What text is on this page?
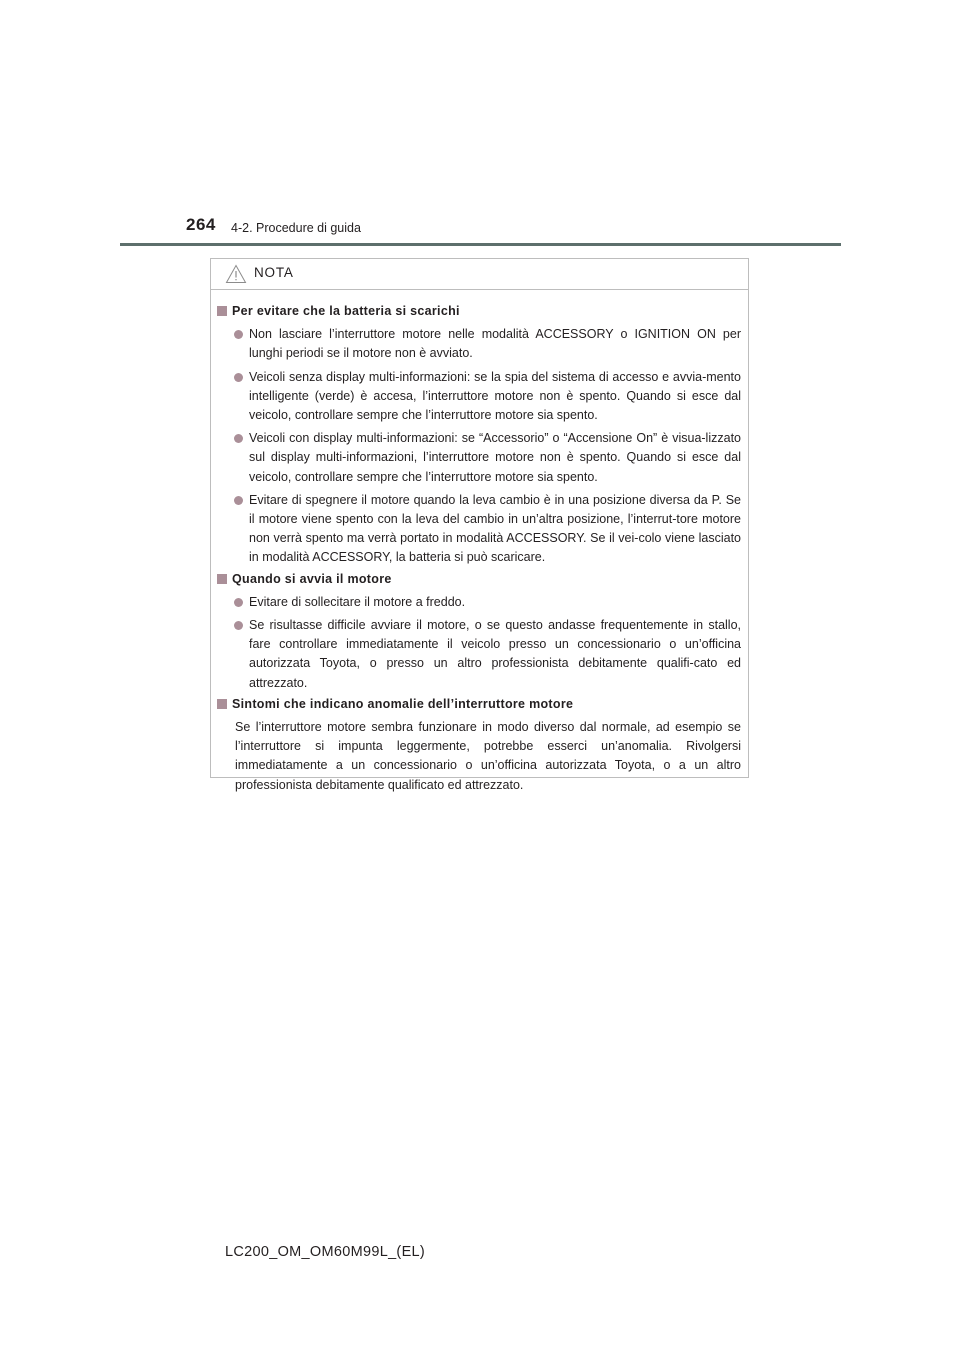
264 4-2. Procedure di guida
NOTA
Per evitare che la batteria si scarichi
Non lasciare l’interruttore motore nelle modalità ACCESSORY o IGNITION ON per lunghi periodi se il motore non è avviato.
Veicoli senza display multi-informazioni: se la spia del sistema di accesso e avvia-mento intelligente (verde) è accesa, l’interruttore motore non è spento. Quando si esce dal veicolo, controllare sempre che l’interruttore motore sia spento.
Veicoli con display multi-informazioni: se “Accessorio” o “Accensione On” è visua-lizzato sul display multi-informazioni, l’interruttore motore non è spento. Quando si esce dal veicolo, controllare sempre che l’interruttore motore sia spento.
Evitare di spegnere il motore quando la leva cambio è in una posizione diversa da P. Se il motore viene spento con la leva del cambio in un’altra posizione, l’interrut-tore motore non verrà spento ma verrà portato in modalità ACCESSORY. Se il vei-colo viene lasciato in modalità ACCESSORY, la batteria si può scaricare.
Quando si avvia il motore
Evitare di sollecitare il motore a freddo.
Se risultasse difficile avviare il motore, o se questo andasse frequentemente in stallo, fare controllare immediatamente il veicolo presso un concessionario o un’officina autorizzata Toyota, o presso un altro professionista debitamente qualifi-cato ed attrezzato.
Sintomi che indicano anomalie dell’interruttore motore
Se l’interruttore motore sembra funzionare in modo diverso dal normale, ad esempio se l’interruttore si impunta leggermente, potrebbe esserci un’anomalia. Rivolgersi immediatamente a un concessionario o un’officina autorizzata Toyota, o a un altro professionista debitamente qualificato ed attrezzato.
LC200_OM_OM60M99L_(EL)
